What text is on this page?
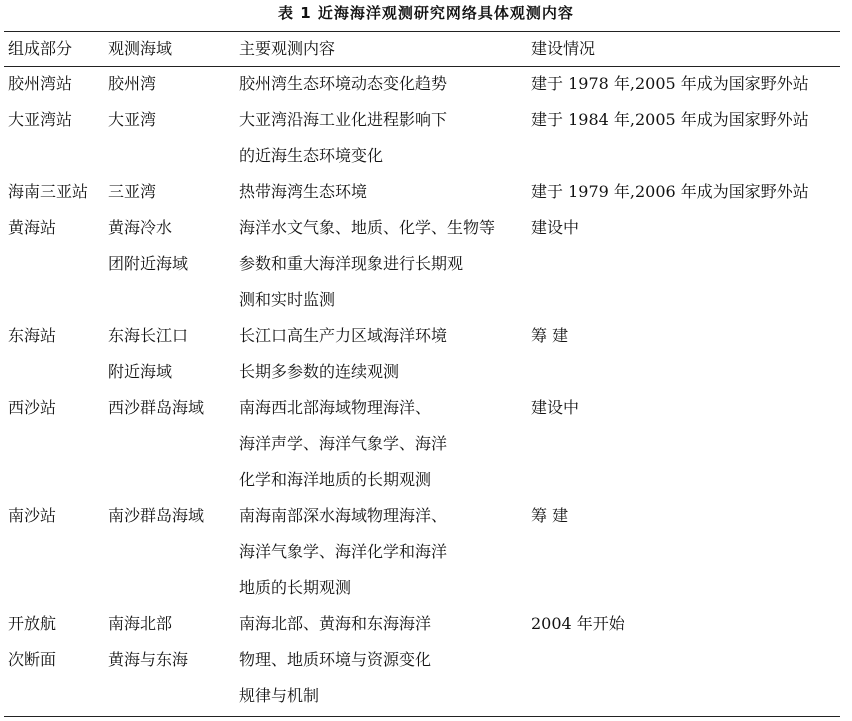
表 1 近海海洋观测研究网络具体观测内容
组成部分	观测海域	主要观测内容	建设情况

胶州湾站	胶州湾	胶州湾生态环境动态变化趋势	建于 1978 年,2005 年成为国家野外站

大亚湾站	大亚湾	大亚湾沿海工业化进程影响下
的近海生态环境变化	建于 1984 年,2005 年成为国家野外站

海南三亚站	三亚湾	热带海湾生态环境	建于 1979 年,2006 年成为国家野外站

黄海站	黄海冷水
团附近海域	海洋水文气象、地质、化学、生物等
参数和重大海洋现象进行长期观
测和实时监测	建设中

东海站	东海长江口
附近海域	长江口高生产力区域海洋环境
长期多参数的连续观测	筹 建

西沙站	西沙群岛海域	南海西北部海域物理海洋、
海洋声学、海洋气象学、海洋
化学和海洋地质的长期观测	建设中

南沙站	南沙群岛海域	南海南部深水海域物理海洋、
海洋气象学、海洋化学和海洋
地质的长期观测	筹 建

开放航
次断面	南海北部
黄海与东海	南海北部、黄海和东海海洋
物理、地质环境与资源变化
规律与机制	2004 年开始
